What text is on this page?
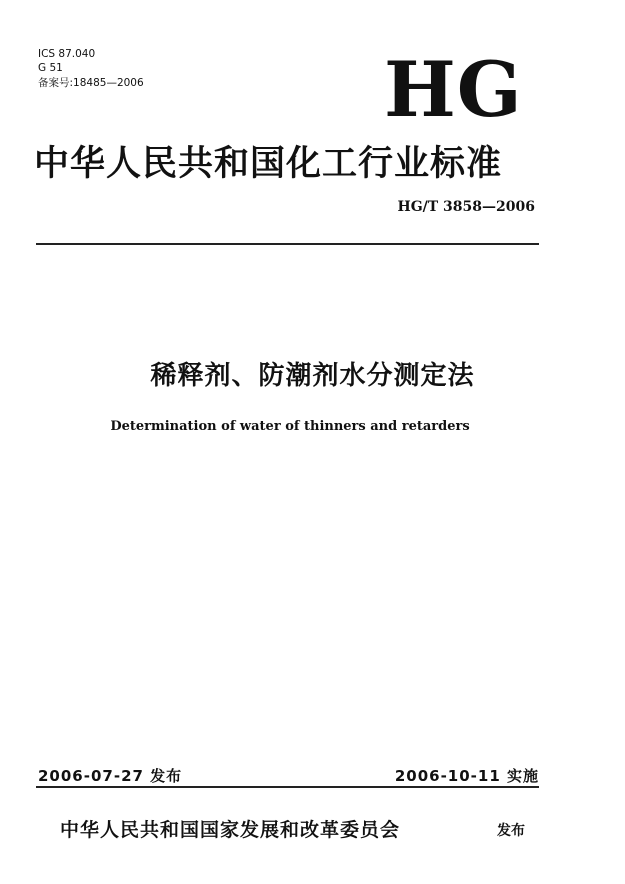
ICS 87.040
G 51
备案号:18485—2006	HG
中华人民共和国化工行业标准
HG/T 3858—2006
稀释剂、防潮剂水分测定法
Determination of water of thinners and retarders
2006-07-27 发布	2006-10-11 实施
中华人民共和国国家发展和改革委员会	发布
